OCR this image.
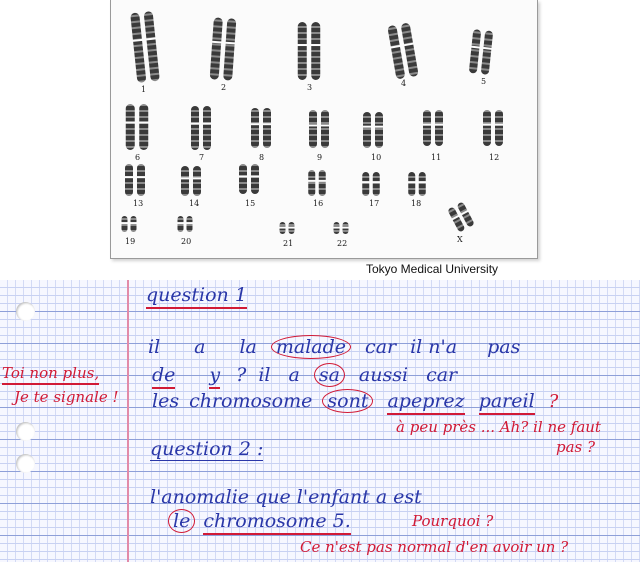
1	2	3	4	5
6	7	8	9	10	11	12
13	14	15	16	17	18
19	20	21	22	X
Tokyo Medical University
question 1
il a la malade car il n'a pas
Toi non plus,
Je te signale !
de y ? il a sa aussi car
les chromosome sont apeprez pareil ?
à peu près ... Ah? il ne faut
pas ?
question 2 :
l'anomalie que l'enfant a est
le chromosome 5.	Pourquoi ?
Ce n'est pas normal d'en avoir un ?
